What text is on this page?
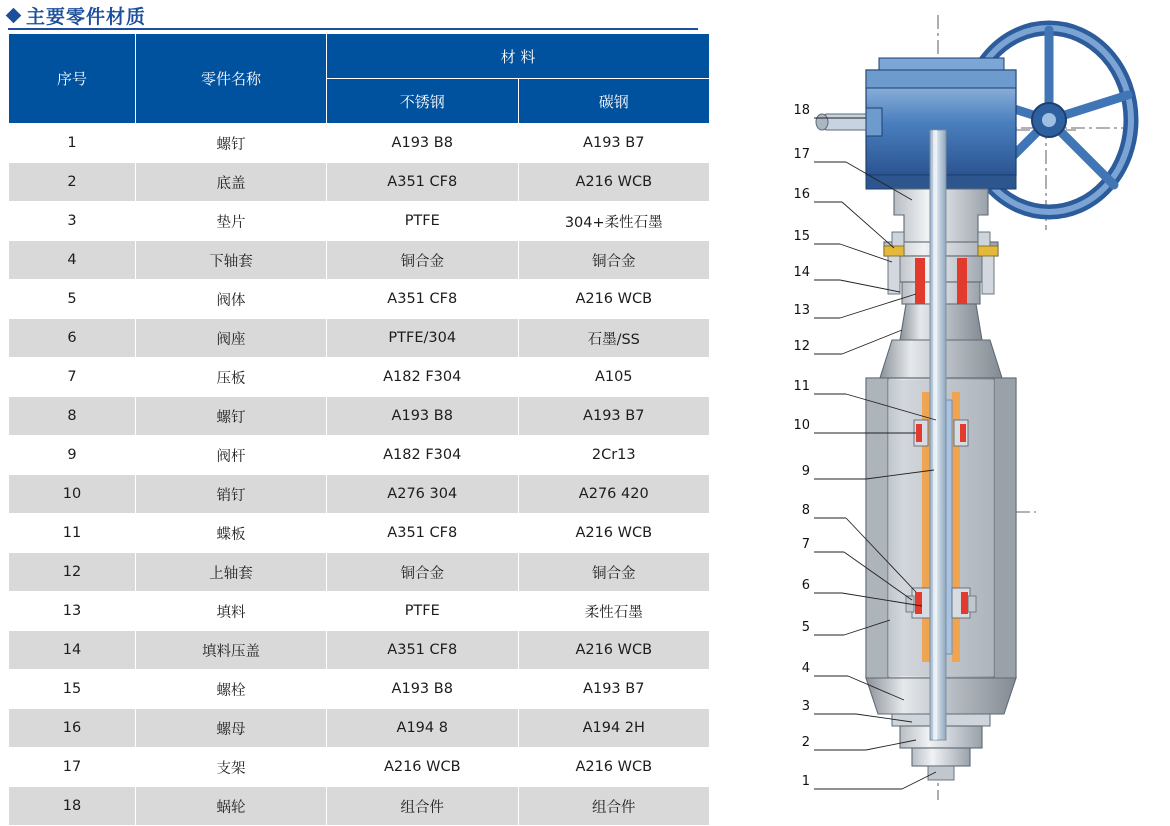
主要零件材质
序号	零件名称	材 料	
		不锈钢	碳钢
1	螺钉	A193 B8	A193 B7
2	底盖	A351 CF8	A216 WCB
3	垫片	PTFE	304+柔性石墨
4	下轴套	铜合金	铜合金
5	阀体	A351 CF8	A216 WCB
6	阀座	PTFE/304	石墨/SS
7	压板	A182 F304	A105
8	螺钉	A193 B8	A193 B7
9	阀杆	A182 F304	2Cr13
10	销钉	A276 304	A276 420
11	蝶板	A351 CF8	A216 WCB
12	上轴套	铜合金	铜合金
13	填料	PTFE	柔性石墨
14	填料压盖	A351 CF8	A216 WCB
15	螺栓	A193 B8	A193 B7
16	螺母	A194 8	A194 2H
17	支架	A216 WCB	A216 WCB
18	蜗轮	组合件	组合件
18
17
16
15
14
13
12
11
10
9
8
7
6
5
4
3
2
1
